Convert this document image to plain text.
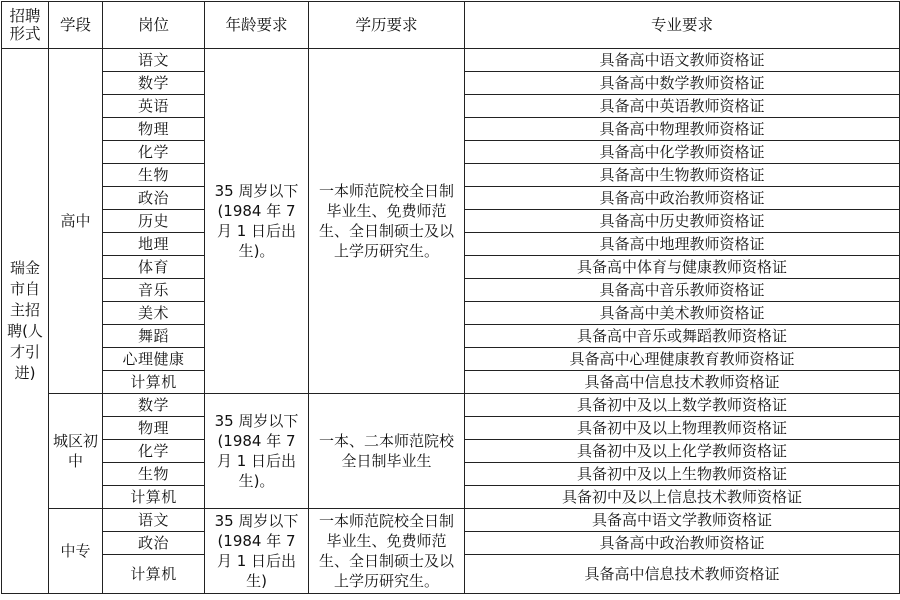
招聘形式	学段	岗位	年龄要求	学历要求	专业要求
瑞金市自主招聘(人才引进)	高中	语文	35 周岁以下(1984 年 7 月 1 日后出生)。	一本师范院校全日制毕业生、免费师范生、全日制硕士及以上学历研究生。	具备高中语文教师资格证
		数学			具备高中数学教师资格证
		英语			具备高中英语教师资格证
		物理			具备高中物理教师资格证
		化学			具备高中化学教师资格证
		生物			具备高中生物教师资格证
		政治			具备高中政治教师资格证
		历史			具备高中历史教师资格证
		地理			具备高中地理教师资格证
		体育			具备高中体育与健康教师资格证
		音乐			具备高中音乐教师资格证
		美术			具备高中美术教师资格证
		舞蹈			具备高中音乐或舞蹈教师资格证
		心理健康			具备高中心理健康教育教师资格证
		计算机			具备高中信息技术教师资格证
	城区初中	数学	35 周岁以下(1984 年 7 月 1 日后出生)。	一本、二本师范院校全日制毕业生	具备初中及以上数学教师资格证
		物理			具备初中及以上物理教师资格证
		化学			具备初中及以上化学教师资格证
		生物			具备初中及以上生物教师资格证
		计算机			具备初中及以上信息技术教师资格证
	中专	语文	35 周岁以下(1984 年 7 月 1 日后出生)	一本师范院校全日制毕业生、免费师范生、全日制硕士及以上学历研究生。	具备高中语文学教师资格证
		政治			具备高中政治教师资格证
		计算机			具备高中信息技术教师资格证
